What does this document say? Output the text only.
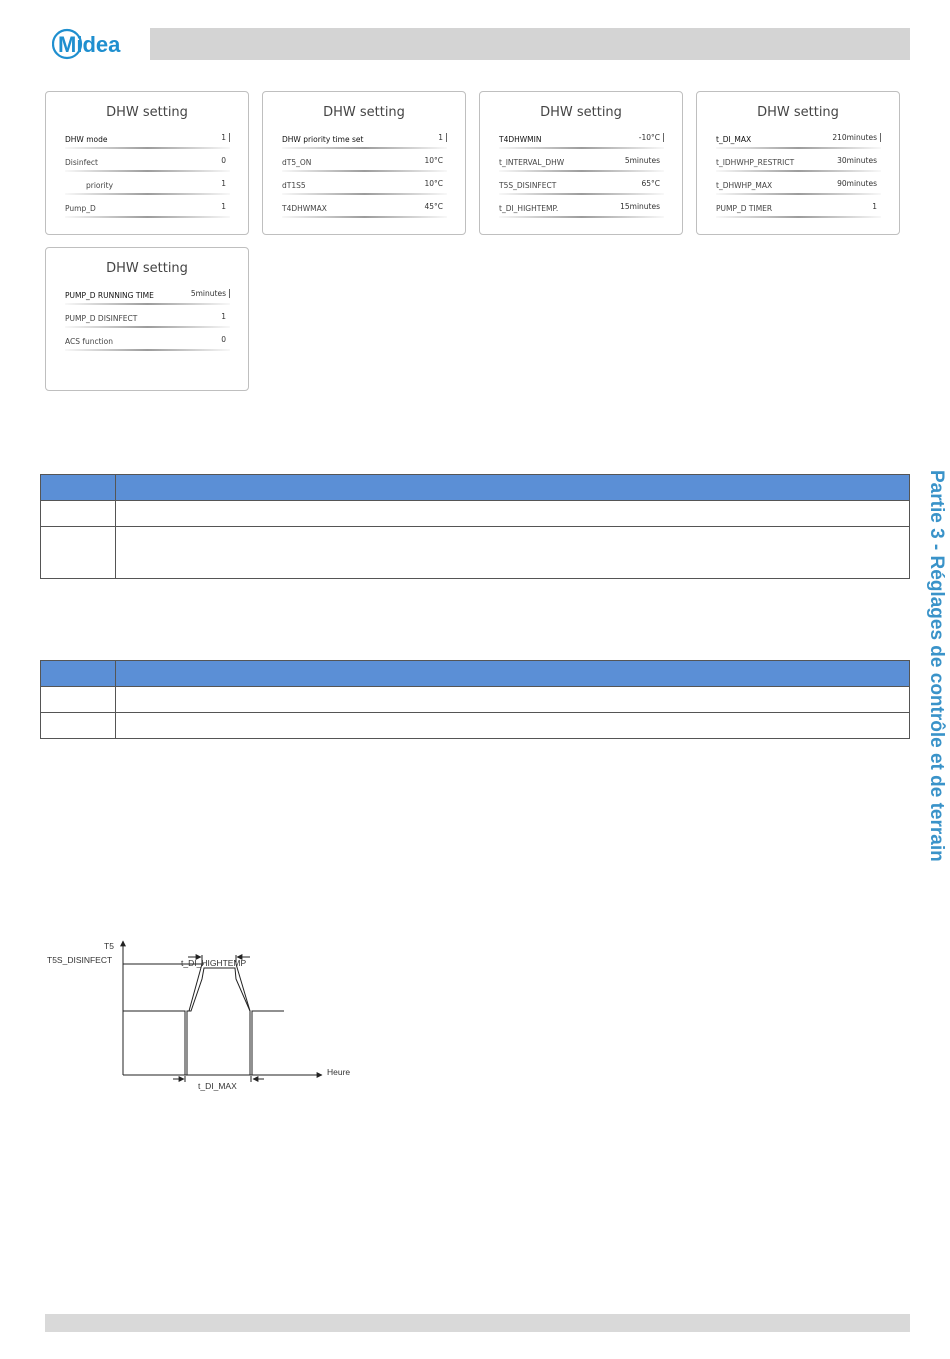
Midea
Partie 3 - Réglages de contrôle et de terrain
DHW setting
DHW mode	1
Disinfect	0
priority	1
Pump_D	1
DHW setting
DHW priority time set	1
dT5_ON	10°C
dT1S5	10°C
T4DHWMAX	45°C
DHW setting
T4DHWMIN	-10°C
t_INTERVAL_DHW	5minutes
T5S_DISINFECT	65°C
t_DI_HIGHTEMP.	15minutes
DHW setting
t_DI_MAX	210minutes
t_IDHWHP_RESTRICT	30minutes
t_DHWHP_MAX	90minutes
PUMP_D TIMER	1
DHW setting
PUMP_D RUNNING TIME	5minutes
PUMP_D DISINFECT	1
ACS function	0

T5
Heure
T5S_DISINFECT	t_DI_HIGHTEMP
t_DI_MAX
